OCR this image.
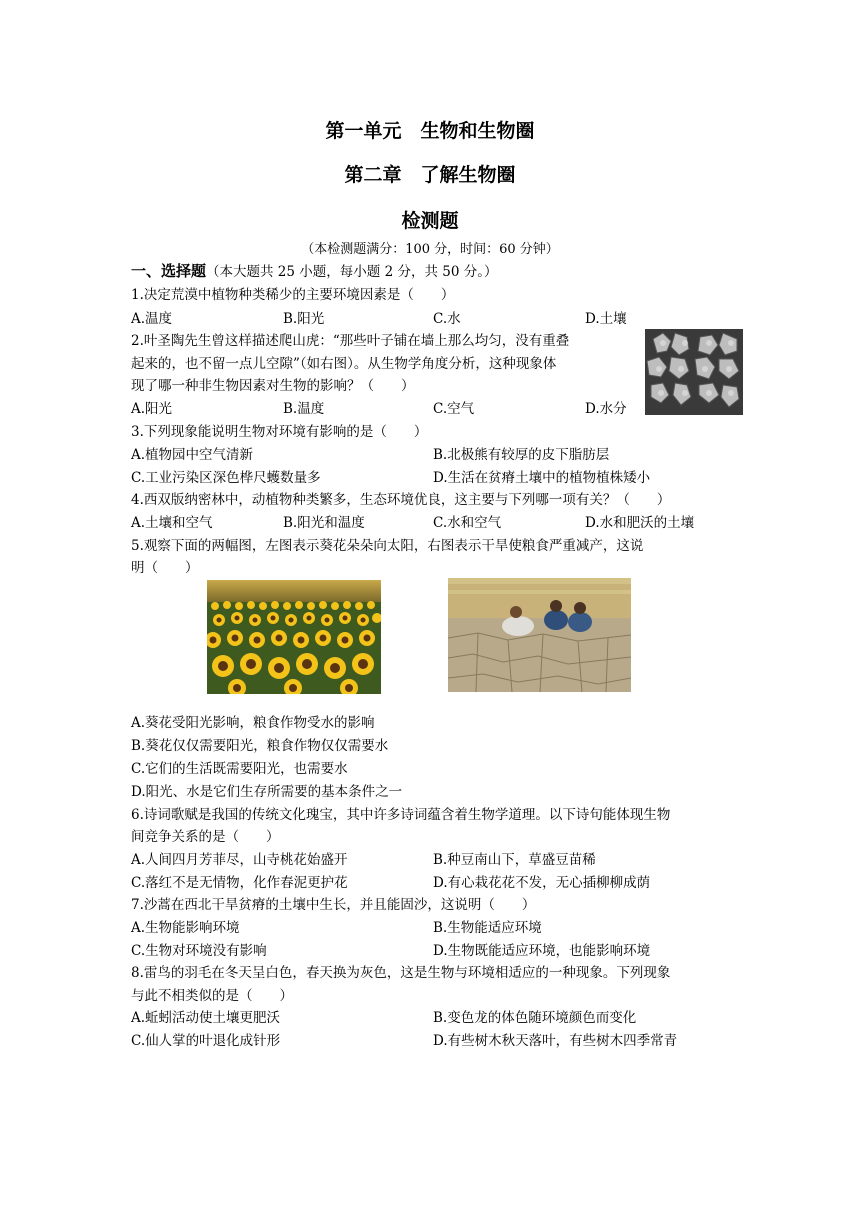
第一单元　生物和生物圈
第二章　了解生物圈
检测题
（本检测题满分：100 分，时间：60 分钟）
一、选择题（本大题共 25 小题，每小题 2 分，共 50 分。）
1.决定荒漠中植物种类稀少的主要环境因素是（　　）
A.温度	B.阳光	C.水	D.土壤
2.叶圣陶先生曾这样描述爬山虎：“那些叶子铺在墙上那么均匀，没有重叠
起来的，也不留一点儿空隙”（如右图）。从生物学角度分析，这种现象体
现了哪一种非生物因素对生物的影响？（　　）
A.阳光	B.温度	C.空气	D.水分
3.下列现象能说明生物对环境有影响的是（　　）
A.植物园中空气清新	B.北极熊有较厚的皮下脂肪层
C.工业污染区深色桦尺蠖数量多	D.生活在贫瘠土壤中的植物植株矮小
4.西双版纳密林中，动植物种类繁多，生态环境优良，这主要与下列哪一项有关？（　　）
A.土壤和空气	B.阳光和温度	C.水和空气	D.水和肥沃的土壤
5.观察下面的两幅图，左图表示葵花朵朵向太阳，右图表示干旱使粮食严重减产，这说
明（　　）
A.葵花受阳光影响，粮食作物受水的影响
B.葵花仅仅需要阳光，粮食作物仅仅需要水
C.它们的生活既需要阳光，也需要水
D.阳光、水是它们生存所需要的基本条件之一
6.诗词歌赋是我国的传统文化瑰宝，其中许多诗词蕴含着生物学道理。以下诗句能体现生物
间竞争关系的是（　　）
A.人间四月芳菲尽，山寺桃花始盛开	B.种豆南山下，草盛豆苗稀
C.落红不是无情物，化作春泥更护花	D.有心栽花花不发，无心插柳柳成荫
7.沙蒿在西北干旱贫瘠的土壤中生长，并且能固沙，这说明（　　）
A.生物能影响环境	B.生物能适应环境
C.生物对环境没有影响	D.生物既能适应环境，也能影响环境
8.雷鸟的羽毛在冬天呈白色，春天换为灰色，这是生物与环境相适应的一种现象。下列现象
与此不相类似的是（　　）
A.蚯蚓活动使土壤更肥沃	B.变色龙的体色随环境颜色而变化
C.仙人掌的叶退化成针形	D.有些树木秋天落叶，有些树木四季常青
